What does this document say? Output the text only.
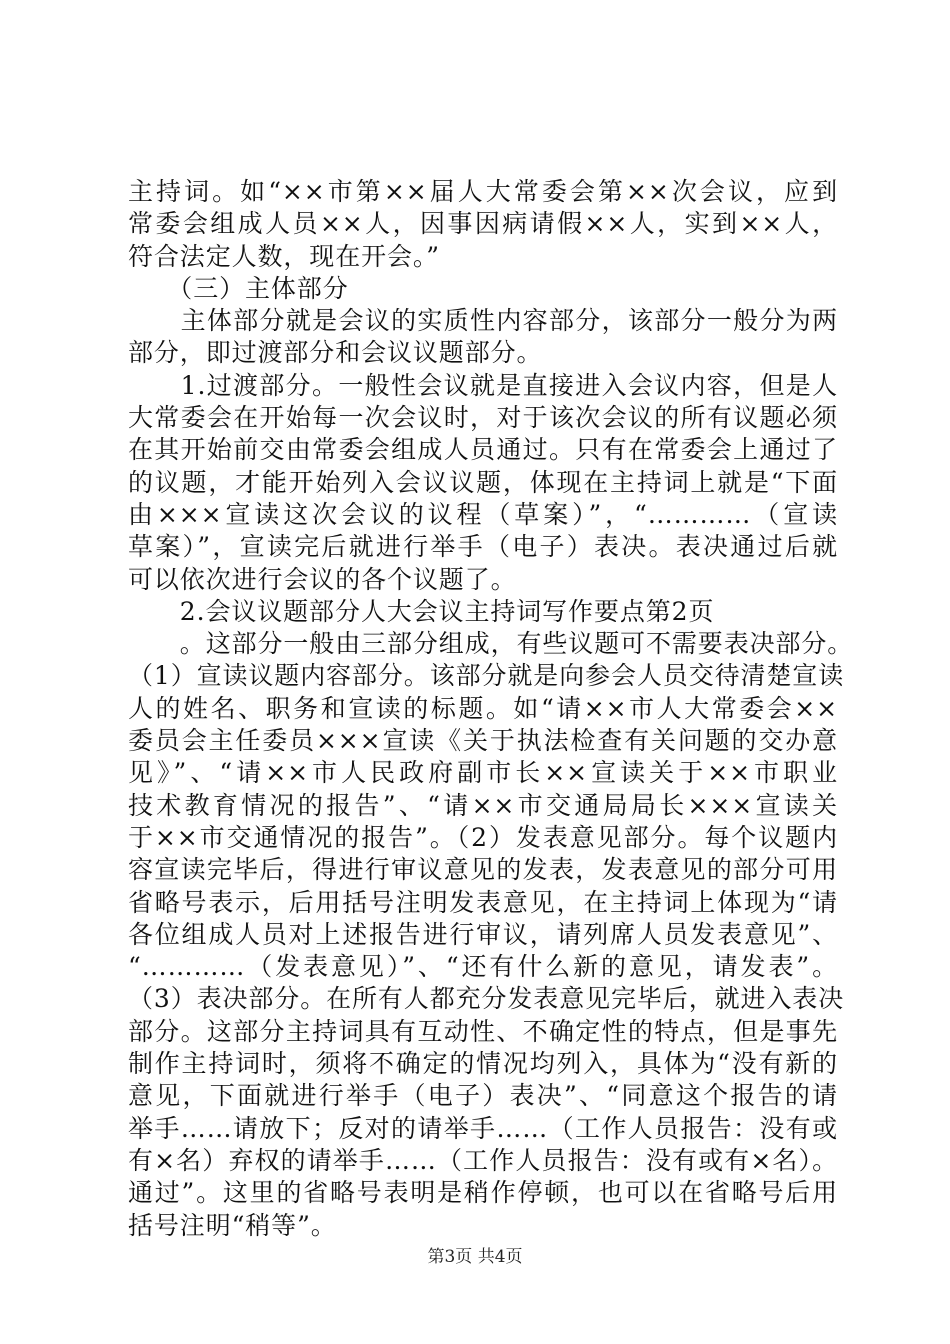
主持词。如“××市第××届人大常委会第××次会议，应到
常委会组成人员××人，因事因病请假××人，实到××人，
符合法定人数，现在开会。”
　　（三）主体部分
　　主体部分就是会议的实质性内容部分，该部分一般分为两
部分，即过渡部分和会议议题部分。
　　1.过渡部分。一般性会议就是直接进入会议内容，但是人
大常委会在开始每一次会议时，对于该次会议的所有议题必须
在其开始前交由常委会组成人员通过。只有在常委会上通过了
的议题，才能开始列入会议议题，体现在主持词上就是“下面
由×××宣读这次会议的议程（草案）”，“…………（宣读
草案）”，宣读完后就进行举手（电子）表决。表决通过后就
可以依次进行会议的各个议题了。
　　2.会议议题部分人大会议主持词写作要点第2页
　　。这部分一般由三部分组成，有些议题可不需要表决部分。
（1）宣读议题内容部分。该部分就是向参会人员交待清楚宣读
人的姓名、职务和宣读的标题。如“请××市人大常委会××
委员会主任委员×××宣读《关于执法检查有关问题的交办意
见》”、“请××市人民政府副市长××宣读关于××市职业
技术教育情况的报告”、“请××市交通局局长×××宣读关
于××市交通情况的报告”。（2）发表意见部分。每个议题内
容宣读完毕后，得进行审议意见的发表，发表意见的部分可用
省略号表示，后用括号注明发表意见，在主持词上体现为“请
各位组成人员对上述报告进行审议，请列席人员发表意见”、
“…………（发表意见）”、“还有什么新的意见，请发表”。
（3）表决部分。在所有人都充分发表意见完毕后，就进入表决
部分。这部分主持词具有互动性、不确定性的特点，但是事先
制作主持词时，须将不确定的情况均列入，具体为“没有新的
意见，下面就进行举手（电子）表决”、“同意这个报告的请
举手……请放下；反对的请举手……（工作人员报告：没有或
有×名）弃权的请举手……（工作人员报告：没有或有×名）。
通过”。这里的省略号表明是稍作停顿，也可以在省略号后用
括号注明“稍等”。
第3页 共4页
